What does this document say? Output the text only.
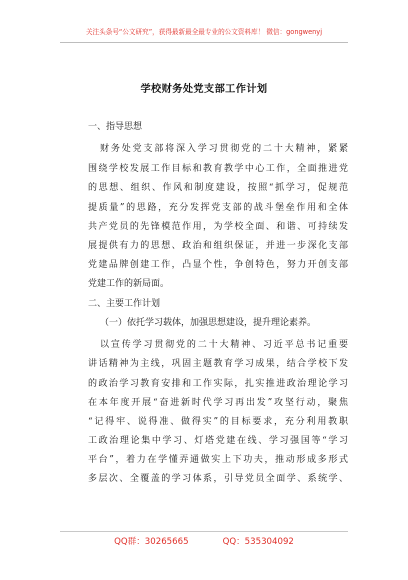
关注头条号“公文研究”，获得最新最全最专业的公文资料库！ 微信：gongwenyj
学校财务处党支部工作计划
一、指导思想
财务处党支部将深入学习贯彻党的二十大精神，紧紧
围绕学校发展工作目标和教育教学中心工作，全面推进党
的思想、组织、作风和制度建设，按照“抓学习，促规范
提质量”的思路，充分发挥党支部的战斗堡垒作用和全体
共产党员的先锋模范作用，为学校全面、和谐、可持续发
展提供有力的思想、政治和组织保证，并进一步深化支部
党建品牌创建工作，凸显个性，争创特色，努力开创支部
党建工作的新局面。
二、主要工作计划
（一）依托学习载体，加强思想建设，提升理论素养。
以宣传学习贯彻党的二十大精神、习近平总书记重要
讲话精神为主线，巩固主题教育学习成果，结合学校下发
的政治学习教育安排和工作实际，扎实推进政治理论学习
在本年度开展“奋进新时代学习再出发”攻坚行动，聚焦
“记得牢、说得准、做得实”的目标要求，充分利用教职
工政治理论集中学习、灯塔党建在线、学习强国等“学习
平台”，着力在学懂弄通做实上下功夫，推动形成多形式
多层次、全覆盖的学习体系，引导党员全面学、系统学、
QQ群：30265665	QQ：535304092
